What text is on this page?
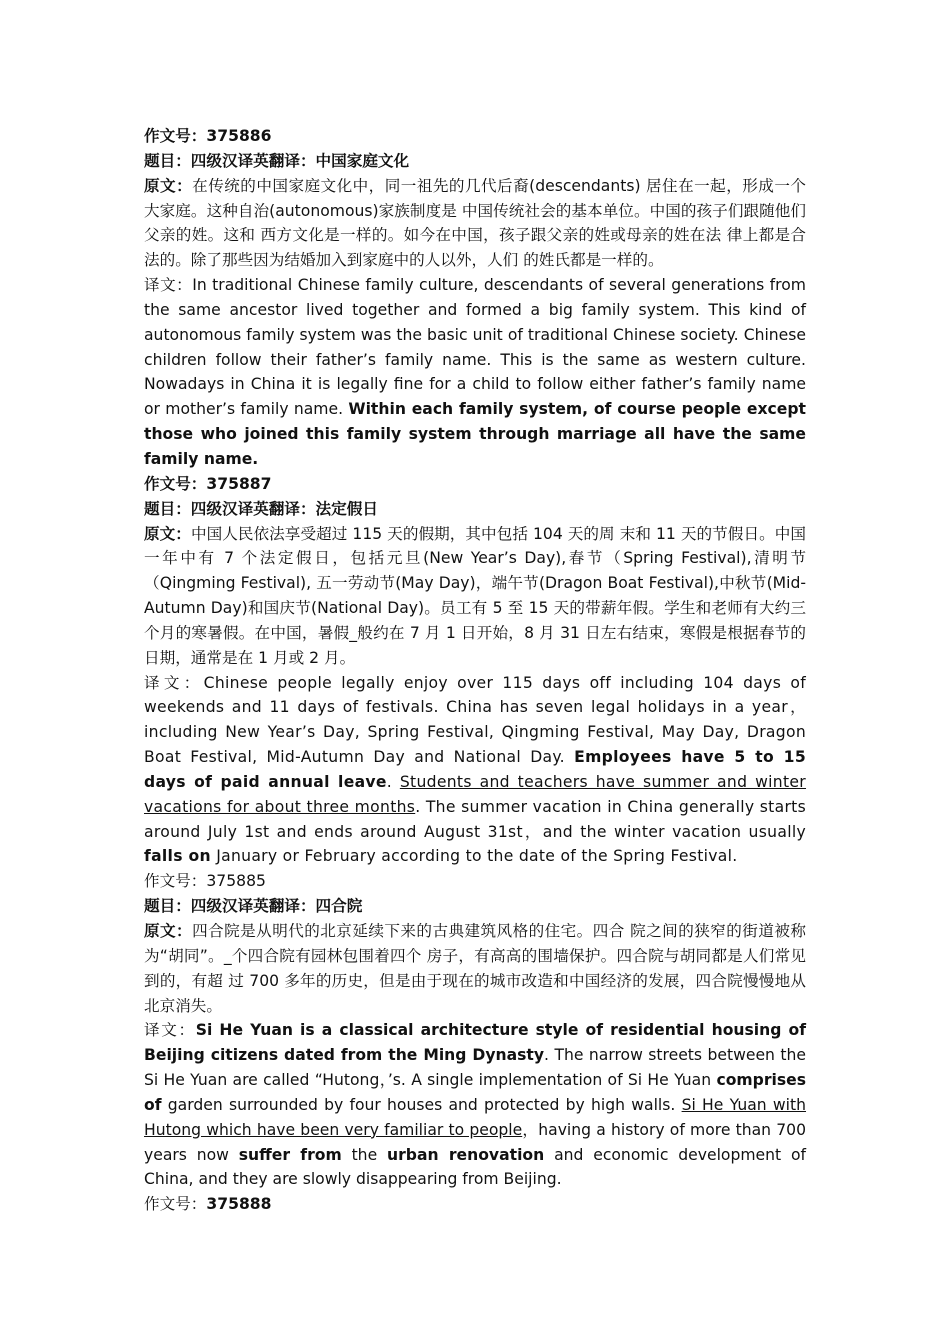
作文号：375886

题目：四级汉译英翻译：中国家庭文化

原文：在传统的中国家庭文化中，同一祖先的几代后裔(descendants) 居住在一起，形成一个大家庭。这种自治(autonomous)家族制度是 中国传统社会的基本单位。中国的孩子们跟随他们父亲的姓。这和 西方文化是一样的。如今在中国，孩子跟父亲的姓或母亲的姓在法 律上都是合法的。除了那些因为结婚加入到家庭中的人以外，人们 的姓氏都是一样的。

译文：In traditional Chinese family culture, descendants of several generations from the same ancestor lived together and formed a big family system. This kind of autonomous family system was the basic unit of traditional Chinese society. Chinese children follow their father’s family name. This is the same as western culture. Nowadays in China it is legally fine for a child to follow either father’s family name or mother’s family name. Within each family system, of course people except those who joined this family system through marriage all have the same family name.

作文号：375887

题目：四级汉译英翻译：法定假日

原文：中国人民依法享受超过 115 天的假期，其中包括 104 天的周 末和 11 天的节假日。中国一年中有 7 个法定假日，包括元旦(New Year’s Day),春节（Spring Festival),清明节（Qingming Festival), 五一劳动节(May Day)，端午节(Dragon Boat Festival),中秋节(Mid- Autumn Day)和国庆节(National Day)。员工有 5 至 15 天的带薪年假。学生和老师有大约三个月的寒暑假。在中国，暑假_般约在 7 月 1 日开始，8 月 31 日左右结束，寒假是根据春节的日期，通常是在 1 月或 2 月。

译文：Chinese people legally enjoy over 115 days off including 104 days of weekends and 11 days of festivals. China has seven legal holidays in a year，including New Year’s Day, Spring Festival, Qingming Festival, May Day, Dragon Boat Festival, Mid-Autumn Day and National Day. Employees have 5 to 15 days of paid annual leave. Students and teachers have summer and winter vacations for about three months. The summer vacation in China generally starts around July 1st and ends around August 31st，and the winter vacation usually falls on January or February according to the date of the Spring Festival.

作文号：375885

题目：四级汉译英翻译：四合院

原文：四合院是从明代的北京延续下来的古典建筑风格的住宅。四合 院之间的狭窄的街道被称为“胡同”。_个四合院有园林包围着四个 房子，有高高的围墙保护。四合院与胡同都是人们常见到的，有超 过 700 多年的历史，但是由于现在的城市改造和中国经济的发展，四合院慢慢地从北京消失。

译文：Si He Yuan is a classical architecture style of residential housing of Beijing citizens dated from the Ming Dynasty. The narrow streets between the Si He Yuan are called “Hutong，’s. A single implementation of Si He Yuan comprises of garden surrounded by four houses and protected by high walls. Si He Yuan with Hutong which have been very familiar to people，having a history of more than 700 years now suffer from the urban renovation and economic development of China, and they are slowly disappearing from Beijing.

作文号：375888
